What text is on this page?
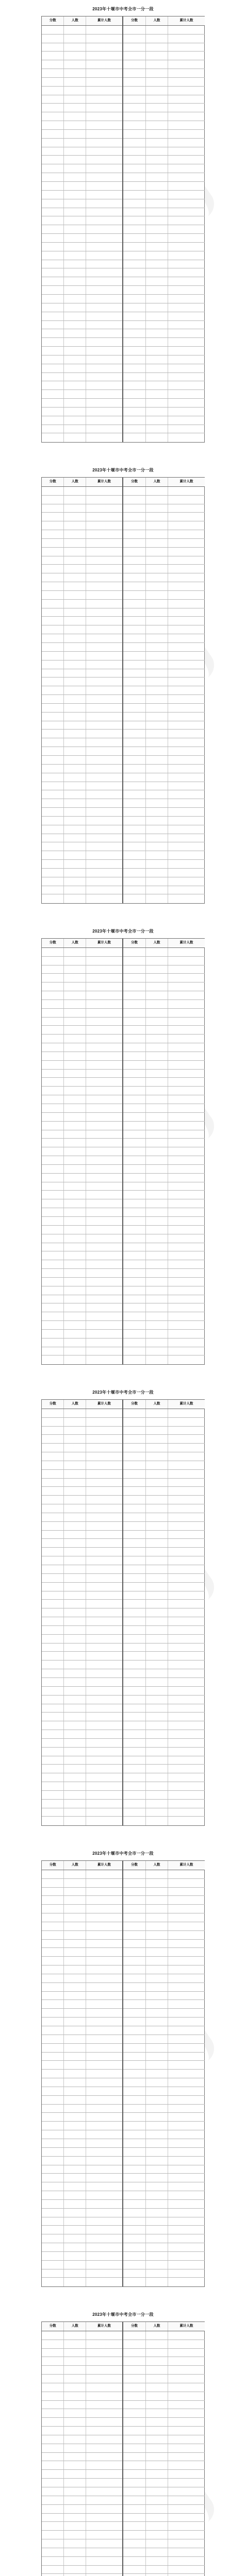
2023年十堰市中考全市一分一段
分数	人数	累计人数	分数	人数	累计人数
2023年十堰市中考全市一分一段
分数	人数	累计人数	分数	人数	累计人数
2023年十堰市中考全市一分一段
分数	人数	累计人数	分数	人数	累计人数
2023年十堰市中考全市一分一段
分数	人数	累计人数	分数	人数	累计人数
2023年十堰市中考全市一分一段
分数	人数	累计人数	分数	人数	累计人数
2023年十堰市中考全市一分一段
分数	人数	累计人数	分数	人数	累计人数
